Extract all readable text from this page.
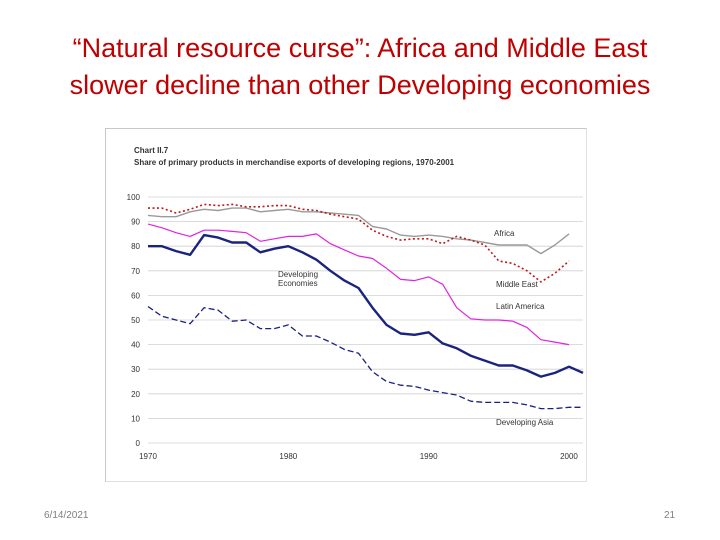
“Natural resource curse”: Africa and Middle East
slower decline than other Developing economies
Chart II.7
Share of primary products in merchandise exports of developing regions, 1970-2001
0
10
20
30
40
50
60
70
80
90
100
1970	1980	1990	2000
Africa
Middle East
Latin America
Developing Economies
Developing Asia
6/14/2021	21
